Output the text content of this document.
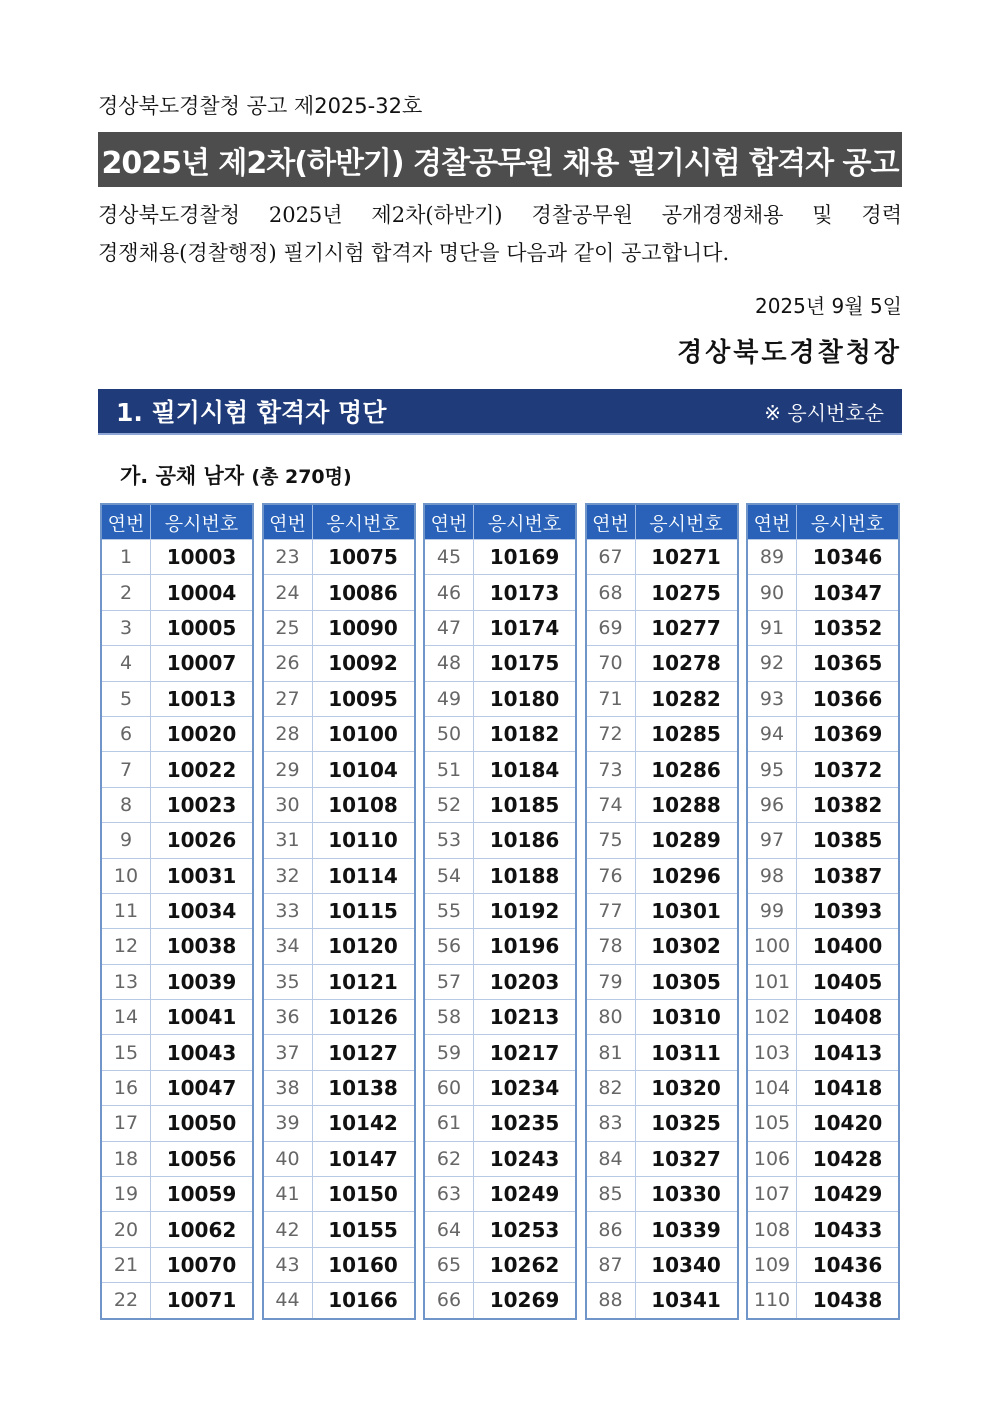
경상북도경찰청 공고 제2025-32호
2025년 제2차(하반기) 경찰공무원 채용 필기시험 합격자 공고
경상북도경찰청 2025년 제2차(하반기) 경찰공무원 공개경쟁채용 및 경력
경쟁채용(경찰행정) 필기시험 합격자 명단을 다음과 같이 공고합니다.
2025년 9월 5일
경상북도경찰청장
1. 필기시험 합격자 명단	※ 응시번호순
가. 공채 남자 (총 270명)
연번	응시번호
1	10003
2	10004
3	10005
4	10007
5	10013
6	10020
7	10022
8	10023
9	10026
10	10031
11	10034
12	10038
13	10039
14	10041
15	10043
16	10047
17	10050
18	10056
19	10059
20	10062
21	10070
22	10071
연번	응시번호
23	10075
24	10086
25	10090
26	10092
27	10095
28	10100
29	10104
30	10108
31	10110
32	10114
33	10115
34	10120
35	10121
36	10126
37	10127
38	10138
39	10142
40	10147
41	10150
42	10155
43	10160
44	10166
연번	응시번호
45	10169
46	10173
47	10174
48	10175
49	10180
50	10182
51	10184
52	10185
53	10186
54	10188
55	10192
56	10196
57	10203
58	10213
59	10217
60	10234
61	10235
62	10243
63	10249
64	10253
65	10262
66	10269
연번	응시번호
67	10271
68	10275
69	10277
70	10278
71	10282
72	10285
73	10286
74	10288
75	10289
76	10296
77	10301
78	10302
79	10305
80	10310
81	10311
82	10320
83	10325
84	10327
85	10330
86	10339
87	10340
88	10341
연번	응시번호
89	10346
90	10347
91	10352
92	10365
93	10366
94	10369
95	10372
96	10382
97	10385
98	10387
99	10393
100	10400
101	10405
102	10408
103	10413
104	10418
105	10420
106	10428
107	10429
108	10433
109	10436
110	10438
